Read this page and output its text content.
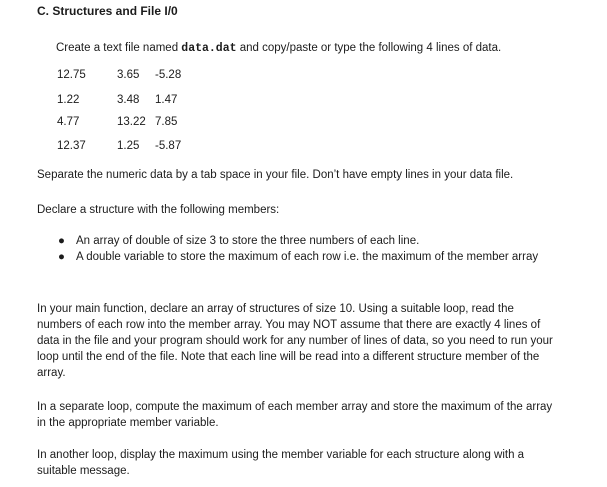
C. Structures and File I/0
Create a text file named data.dat and copy/paste or type the following 4 lines of data.
12.75	3.65 -5.28
1.22	3.48 1.47
4.77	13.22 7.85
12.37	1.25 -5.87
Separate the numeric data by a tab space in your file. Don’t have empty lines in your data file.
Declare a structure with the following members:
● An array of double of size 3 to store the three numbers of each line.
● A double variable to store the maximum of each row i.e. the maximum of the member array
In your main function, declare an array of structures of size 10. Using a suitable loop, read the numbers of each row into the member array. You may NOT assume that there are exactly 4 lines of data in the file and your program should work for any number of lines of data, so you need to run your loop until the end of the file. Note that each line will be read into a different structure member of the array.
In a separate loop, compute the maximum of each member array and store the maximum of the array in the appropriate member variable.
In another loop, display the maximum using the member variable for each structure along with a suitable message.
